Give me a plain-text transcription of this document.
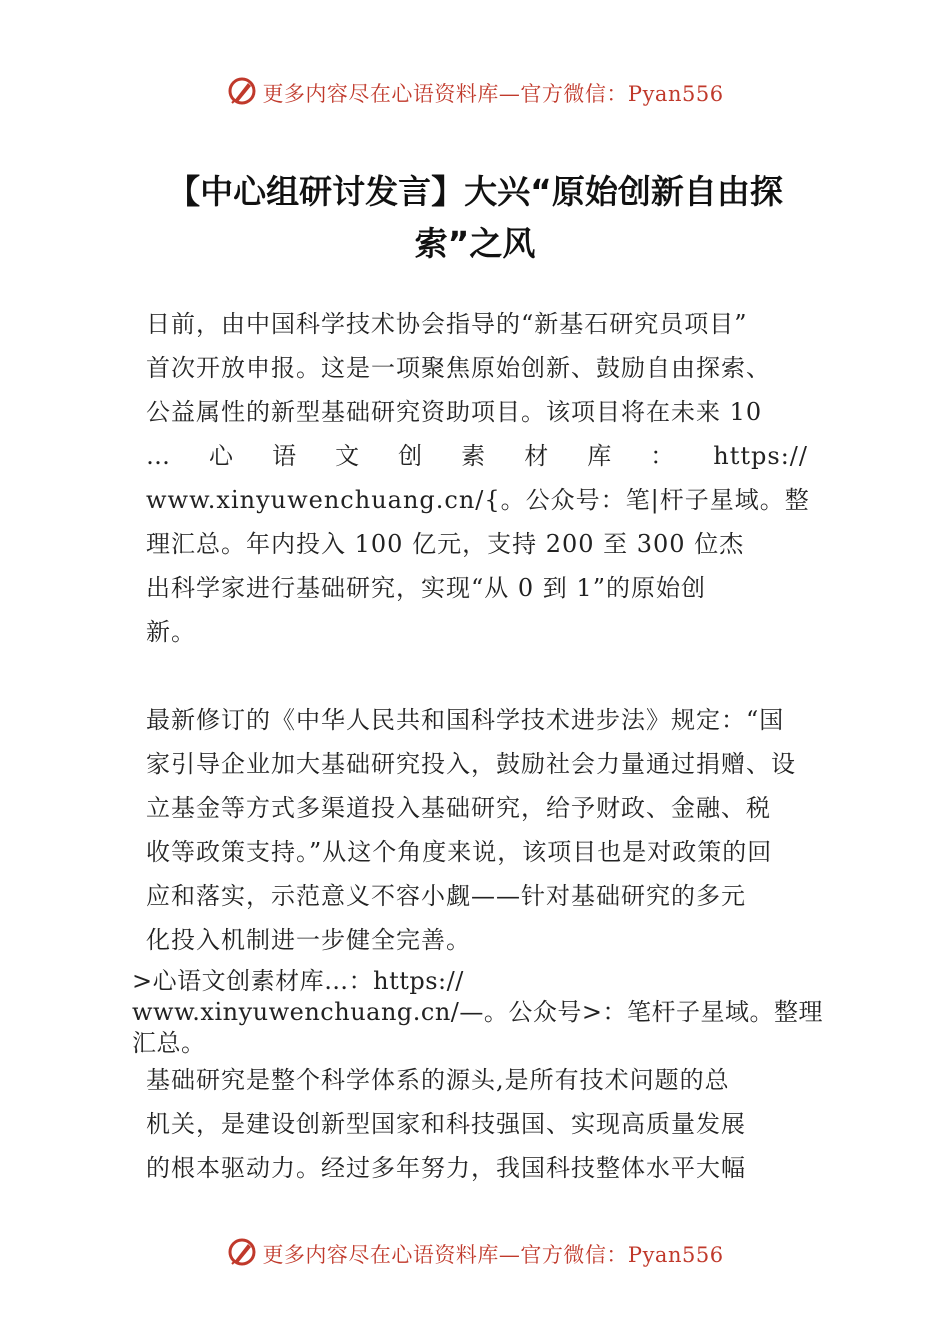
更多内容尽在心语资料库—官方微信：Pyan556
【中心组研讨发言】大兴“原始创新自由探索”之风
日前，由中国科学技术协会指导的“新基石研究员项目”
首次开放申报。这是一项聚焦原始创新、鼓励自由探索、
公益属性的新型基础研究资助项目。该项目将在未来 10
… 心 语 文 创 素 材 库 ： https://
www.xinyuwenchuang.cn/{。公众号：笔|杆子星域。整
理汇总。年内投入 100 亿元，支持 200 至 300 位杰
出科学家进行基础研究，实现“从 0 到 1”的原始创
新。
最新修订的《中华人民共和国科学技术进步法》规定：“国
家引导企业加大基础研究投入，鼓励社会力量通过捐赠、设
立基金等方式多渠道投入基础研究，给予财政、金融、税
收等政策支持。”从这个角度来说，该项目也是对政策的回
应和落实，示范意义不容小觑——针对基础研究的多元
化投入机制进一步健全完善。
>心语文创素材库…：https://
www.xinyuwenchuang.cn/—。公众号>：笔杆子星域。整理
汇总。
基础研究是整个科学体系的源头,是所有技术问题的总
机关，是建设创新型国家和科技强国、实现高质量发展
的根本驱动力。经过多年努力，我国科技整体水平大幅
更多内容尽在心语资料库—官方微信：Pyan556
